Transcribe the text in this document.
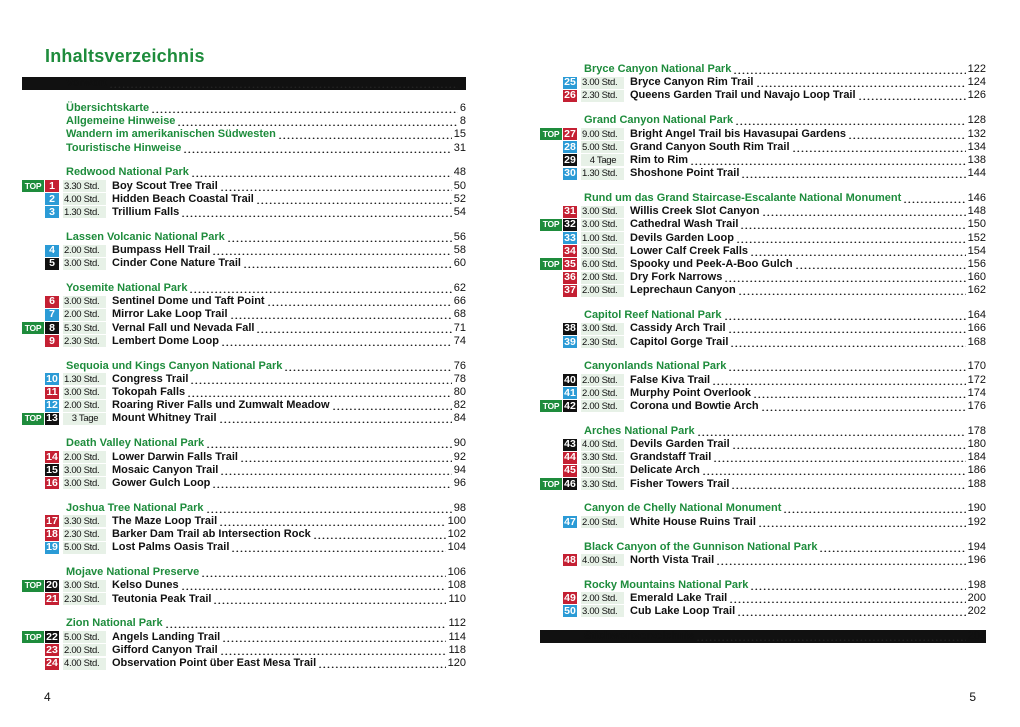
Inhaltsverzeichnis
Vorwort	3
Übersichtskarte	6
Allgemeine Hinweise	8
Wandern im amerikanischen Südwesten	15
Touristische Hinweise	31
Redwood National Park	48
TOP 1 3.30 Std.	Boy Scout Tree Trail	50
2 4.00 Std.	Hidden Beach Coastal Trail	52
3 1.30 Std.	Trillium Falls	54
Lassen Volcanic National Park	56
4 2.00 Std.	Bumpass Hell Trail	58
5 3.00 Std.	Cinder Cone Nature Trail	60
Yosemite National Park	62
6 3.00 Std.	Sentinel Dome und Taft Point	66
7 2.00 Std.	Mirror Lake Loop Trail	68
TOP 8 5.30 Std.	Vernal Fall und Nevada Fall	71
9 2.30 Std.	Lembert Dome Loop	74
Sequoia und Kings Canyon National Park	76
10 1.30 Std.	Congress Trail	78
11 3.00 Std.	Tokopah Falls	80
12 2.00 Std.	Roaring River Falls und Zumwalt Meadow	82
TOP 13	3 Tage	Mount Whitney Trail	84
Death Valley National Park	90
14 2.00 Std.	Lower Darwin Falls Trail	92
15 3.00 Std.	Mosaic Canyon Trail	94
16 3.00 Std.	Gower Gulch Loop	96
Joshua Tree National Park	98
17 3.30 Std.	The Maze Loop Trail	100
18 2.30 Std.	Barker Dam Trail ab Intersection Rock	102
19 5.00 Std.	Lost Palms Oasis Trail	104
Mojave National Preserve	106
TOP 20 3.00 Std.	Kelso Dunes	108
21 2.30 Std.	Teutonia Peak Trail	110
Zion National Park	112
TOP 22 5.00 Std.	Angels Landing Trail	114
23 2.00 Std.	Gifford Canyon Trail	118
24 4.00 Std.	Observation Point über East Mesa Trail	120
4
Bryce Canyon National Park	122
25 3.00 Std.	Bryce Canyon Rim Trail	124
26 2.30 Std.	Queens Garden Trail und Navajo Loop Trail	126
Grand Canyon National Park	128
TOP 27 9.00 Std.	Bright Angel Trail bis Havasupai Gardens	132
28 5.00 Std.	Grand Canyon South Rim Trail	134
29	4 Tage	Rim to Rim	138
30 1.30 Std.	Shoshone Point Trail	144
Rund um das Grand Staircase-Escalante National Monument	146
31 3.00 Std.	Willis Creek Slot Canyon	148
TOP 32 3.00 Std.	Cathedral Wash Trail	150
33 1.00 Std.	Devils Garden Loop	152
34 3.00 Std.	Lower Calf Creek Falls	154
TOP 35 6.00 Std.	Spooky und Peek-A-Boo Gulch	156
36 2.00 Std.	Dry Fork Narrows	160
37 2.00 Std.	Leprechaun Canyon	162
Capitol Reef National Park	164
38 3.00 Std.	Cassidy Arch Trail	166
39 2.30 Std.	Capitol Gorge Trail	168
Canyonlands National Park	170
40 2.00 Std.	False Kiva Trail	172
41 2.00 Std.	Murphy Point Overlook	174
TOP 42 2.00 Std.	Corona und Bowtie Arch	176
Arches National Park	178
43 4.00 Std.	Devils Garden Trail	180
44 3.30 Std.	Grandstaff Trail	184
45 3.00 Std.	Delicate Arch	186
TOP 46 3.30 Std.	Fisher Towers Trail	188
Canyon de Chelly National Monument	190
47 2.00 Std.	White House Ruins Trail	192
Black Canyon of the Gunnison National Park	194
48 4.00 Std.	North Vista Trail	196
Rocky Mountains National Park	198
49 2.00 Std.	Emerald Lake Trail	200
50 3.00 Std.	Cub Lake Loop Trail	202
Stichwortverzeichnis	204
5
